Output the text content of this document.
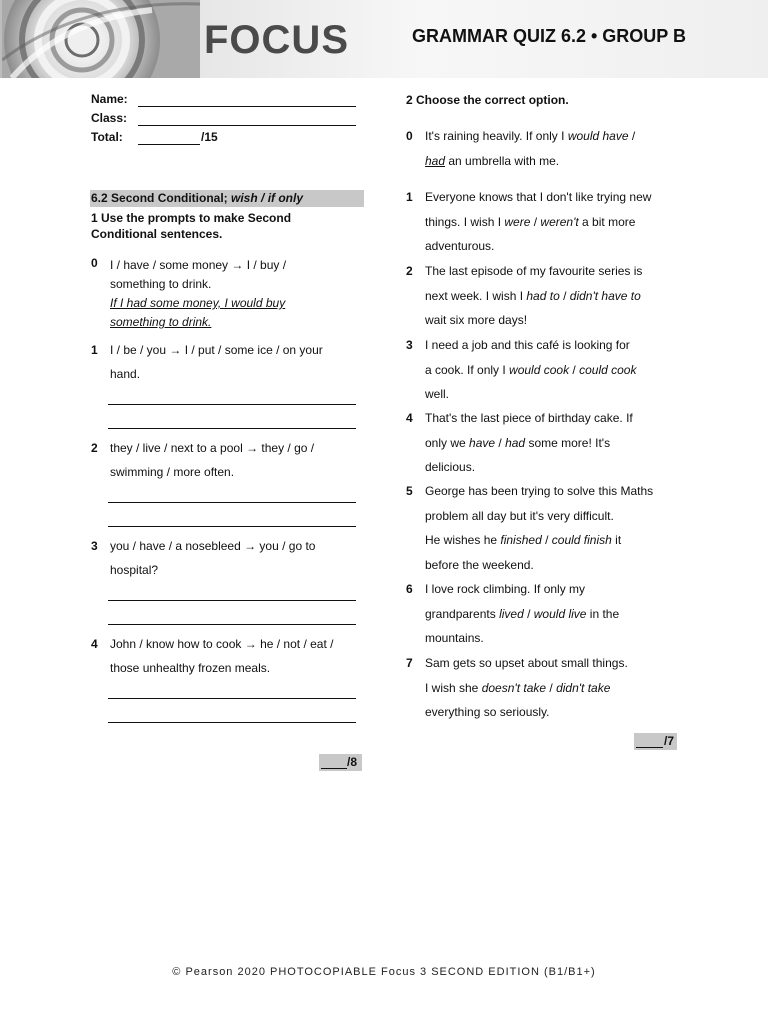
FOCUS	GRAMMAR QUIZ 6.2 • GROUP B
Name:
Class:
Total:	/15
6.2 Second Conditional; wish / if only
1 Use the prompts to make Second Conditional sentences.
0 I / have / some money → I / buy /
something to drink.
If I had some money, I would buy
something to drink.
1 I / be / you → I / put / some ice / on your
hand.
2 they / live / next to a pool → they / go /
swimming / more often.
3 you / have / a nosebleed → you / go to
hospital?
4 John / know how to cook → he / not / eat /
those unhealthy frozen meals.
/8
2 Choose the correct option.
0 It's raining heavily. If only I would have /
had an umbrella with me.
1 Everyone knows that I don't like trying new
things. I wish I were / weren't a bit more
adventurous.
2 The last episode of my favourite series is
next week. I wish I had to / didn't have to
wait six more days!
3 I need a job and this café is looking for
a cook. If only I would cook / could cook
well.
4 That's the last piece of birthday cake. If
only we have / had some more! It's
delicious.
5 George has been trying to solve this Maths
problem all day but it's very difficult.
He wishes he finished / could finish it
before the weekend.
6 I love rock climbing. If only my
grandparents lived / would live in the
mountains.
7 Sam gets so upset about small things.
I wish she doesn't take / didn't take
everything so seriously.
/7
© Pearson 2020 PHOTOCOPIABLE Focus 3 SECOND EDITION (B1/B1+)
